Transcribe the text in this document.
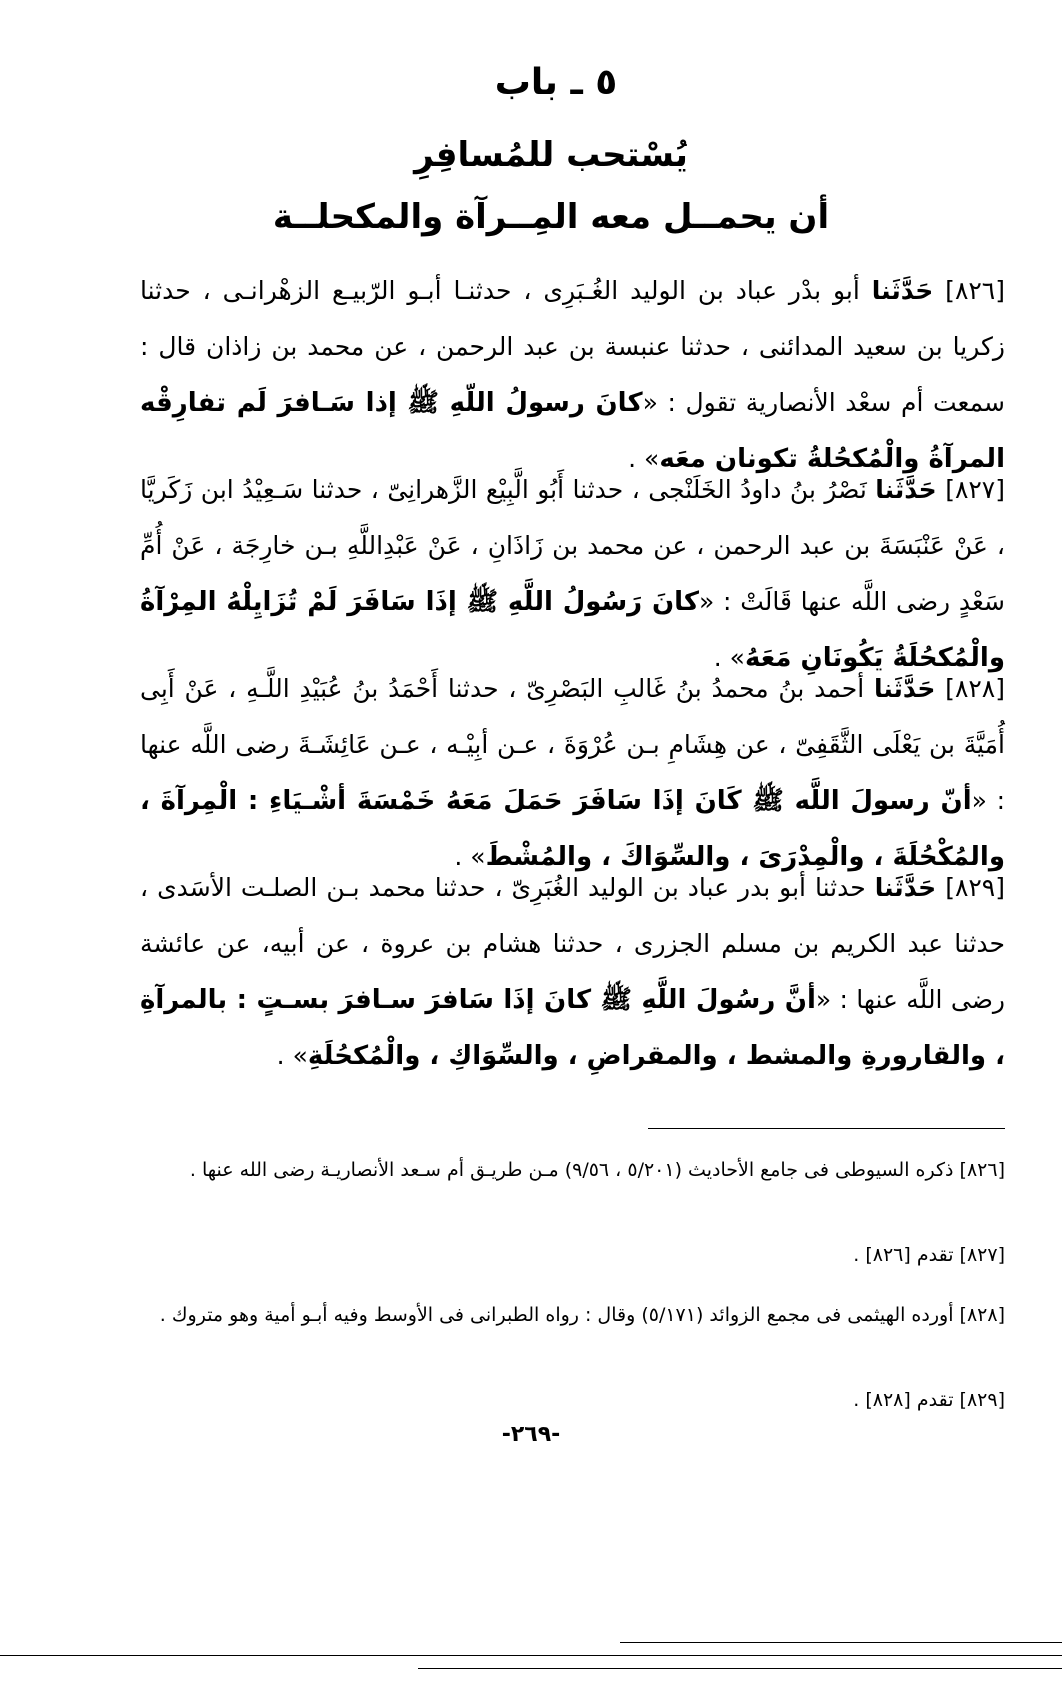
٥ ـ باب
يُسْتحب للمُسافِرِ
أن يحمــل معه المِــرآة والمكحلــة

[٨٢٦] حَدَّثَنا أبو بدْر عباد بن الوليد الغُـبَرِى ، حدثنـا أبـو الرّبيـع الزهْرانـى ، حدثنا زكريا بن سعيد المدائنى ، حدثنا عنبسة بن عبد الرحمن ، عن محمد بن زاذان قال : سمعت أم سعْد الأنصارية تقول : «كانَ رسولُ اللّهِ ﷺ إذا سَـافرَ لَم تفارِقْه المرآةُ والْمُكحُلةُ تكونان معَه» .

[٨٢٧] حَدَّثَنا نَصْرُ بنُ داودُ الخَلَنْجى ، حدثنا أَبُو الَّبِيْع الزَّهرانِىّ ، حدثنا سَـعِيْدُ ابن زَكَريَّا ، عَنْ عَنْبَسَةَ بن عبد الرحمن ، عن محمد بن زَاذَانِ ، عَنْ عَبْدِاللَّهِ بـن خارِجَة ، عَنْ أُمِّ سَعْدٍ رضى اللَّه عنها قَالَتْ : «كانَ رَسُولُ اللَّهِ ﷺ إذَا سَافَرَ لَمْ تُزَايِلْهُ المِرْآةُ والْمُكحُلَةُ يَكُونَانِ مَعَهُ» .

[٨٢٨] حَدَّثَنا أحمد بنُ محمدُ بنُ غَالبِ البَصْرِىّ ، حدثنا أَحْمَدُ بنُ عُبَيْدِ اللَّـهِ ، عَنْ أَبِى أُمَيَّةَ بن يَعْلَى الثَّقَفِىّ ، عن هِشَامِ بـن عُرْوَةَ ، عـن أبِيْـه ، عـن عَائِشَـةَ رضى اللَّه عنها : «أنّ رسولَ اللَّه ﷺ كَانَ إذَا سَافَرَ حَمَلَ مَعَهُ خَمْسَةَ أشْـيَاءِ : الْمِرآةَ ، والمُكْحُلَةَ ، والْمِدْرَىَ ، والسِّوَاكَ ، والمُشْطَ» .

[٨٢٩] حَدَّثَنا حدثنا أبو بدر عباد بن الوليد الغُبَرِىّ ، حدثنا محمد بـن الصلـت الأسَدى ، حدثنا عبد الكريم بن مسلم الجزرى ، حدثنا هشام بن عروة ، عن أبيه، عن عائشة رضى اللَّه عنها : «أنَّ رسُولَ اللَّهِ ﷺ كانَ إذَا سَافرَ سـافرَ بسـتٍ : بالمرآةِ ، والقارورةِ والمشط ، والمقراضِ ، والسِّوَاكِ ، والْمُكحُلَةِ» .

[٨٢٦] ذكره السيوطى فى جامع الأحاديث (٥/٢٠١ ، ٩/٥٦) مـن طريـق أم سـعد الأنصاريـة رضى الله عنها .

[٨٢٧] تقدم [٨٢٦] .

[٨٢٨] أورده الهيثمى فى مجمع الزوائد (٥/١٧١) وقال : رواه الطبرانى فى الأوسط وفيه أبـو أمية وهو متروك .

[٨٢٩] تقدم [٨٢٨] .

-٢٦٩-
